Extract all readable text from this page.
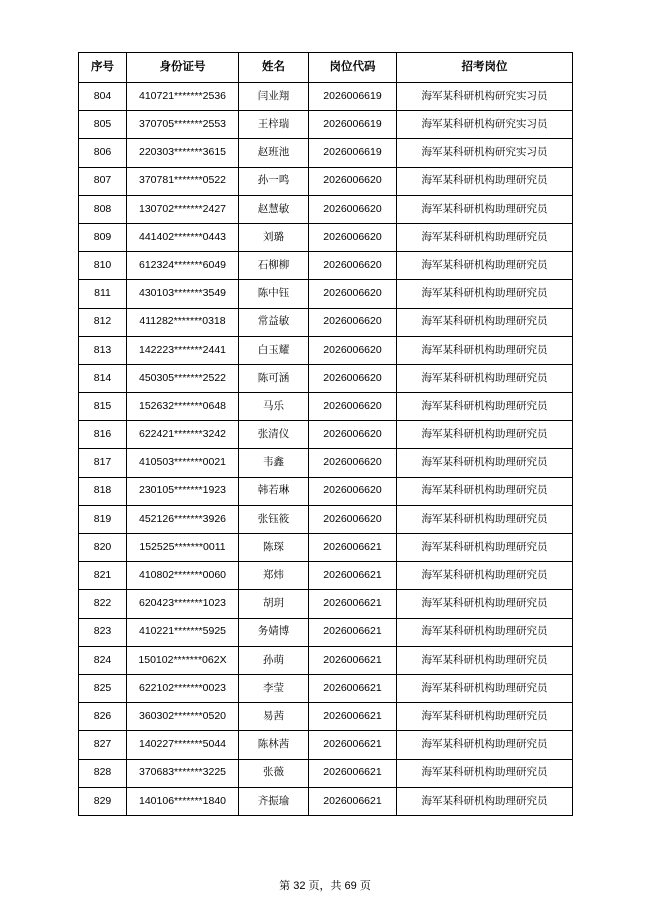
序号	身份证号	姓名	岗位代码	招考岗位
804	410721*******2536	闫业翔	2026006619	海军某科研机构研究实习员
805	370705*******2553	王梓瑞	2026006619	海军某科研机构研究实习员
806	220303*******3615	赵班池	2026006619	海军某科研机构研究实习员
807	370781*******0522	孙一鸣	2026006620	海军某科研机构助理研究员
808	130702*******2427	赵慧敏	2026006620	海军某科研机构助理研究员
809	441402*******0443	刘璐	2026006620	海军某科研机构助理研究员
810	612324*******6049	石柳柳	2026006620	海军某科研机构助理研究员
811	430103*******3549	陈中钰	2026006620	海军某科研机构助理研究员
812	411282*******0318	常益敏	2026006620	海军某科研机构助理研究员
813	142223*******2441	白玉耀	2026006620	海军某科研机构助理研究员
814	450305*******2522	陈可涵	2026006620	海军某科研机构助理研究员
815	152632*******0648	马乐	2026006620	海军某科研机构助理研究员
816	622421*******3242	张清仪	2026006620	海军某科研机构助理研究员
817	410503*******0021	韦鑫	2026006620	海军某科研机构助理研究员
818	230105*******1923	韩若琳	2026006620	海军某科研机构助理研究员
819	452126*******3926	张钰筱	2026006620	海军某科研机构助理研究员
820	152525*******0011	陈琛	2026006621	海军某科研机构助理研究员
821	410802*******0060	郑炜	2026006621	海军某科研机构助理研究员
822	620423*******1023	胡玥	2026006621	海军某科研机构助理研究员
823	410221*******5925	务婧博	2026006621	海军某科研机构助理研究员
824	150102*******062X	孙萌	2026006621	海军某科研机构助理研究员
825	622102*******0023	李莹	2026006621	海军某科研机构助理研究员
826	360302*******0520	易茜	2026006621	海军某科研机构助理研究员
827	140227*******5044	陈林茜	2026006621	海军某科研机构助理研究员
828	370683*******3225	张薇	2026006621	海军某科研机构助理研究员
829	140106*******1840	齐振瑜	2026006621	海军某科研机构助理研究员
第 32 页，共 69 页
